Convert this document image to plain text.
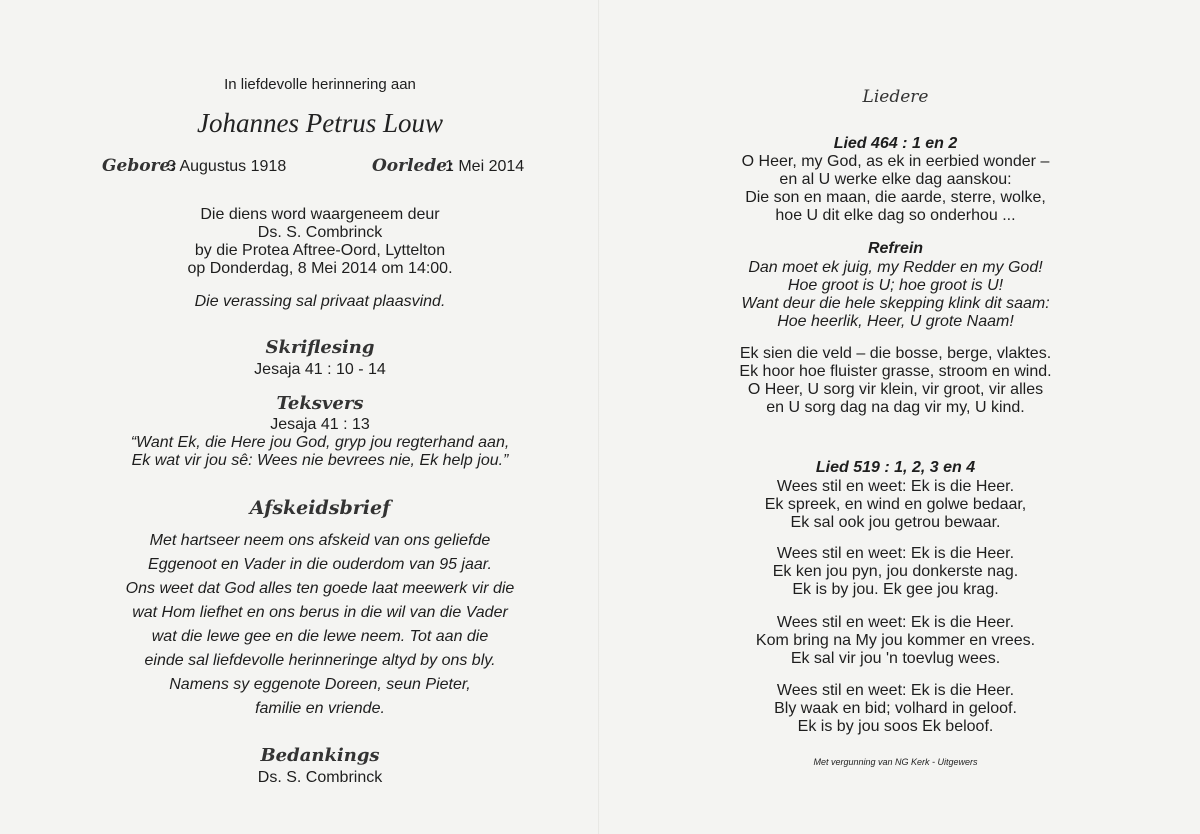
In liefdevolle herinnering aan
Johannes Petrus Louw
Gebore:
3 Augustus 1918	Oorlede:
1 Mei 2014
Die diens word waargeneem deur
Ds. S. Combrinck
by die Protea Aftree-Oord, Lyttelton
op Donderdag, 8 Mei 2014 om 14:00.
Die verassing sal privaat plaasvind.
Skriflesing
Jesaja 41 : 10 - 14
Teksvers
Jesaja 41 : 13
“Want Ek, die Here jou God, gryp jou regterhand aan,
Ek wat vir jou sê: Wees nie bevrees nie, Ek help jou.”
Afskeidsbrief
Met hartseer neem ons afskeid van ons geliefde
Eggenoot en Vader in die ouderdom van 95 jaar.
Ons weet dat God alles ten goede laat meewerk vir die
wat Hom liefhet en ons berus in die wil van die Vader
wat die lewe gee en die lewe neem. Tot aan die
einde sal liefdevolle herinneringe altyd by ons bly.
Namens sy eggenote Doreen, seun Pieter,
familie en vriende.
Bedankings
Ds. S. Combrinck
Liedere
Lied 464 : 1 en 2
O Heer, my God, as ek in eerbied wonder –
en al U werke elke dag aanskou:
Die son en maan, die aarde, sterre, wolke,
hoe U dit elke dag so onderhou ...
Refrein
Dan moet ek juig, my Redder en my God!
Hoe groot is U; hoe groot is U!
Want deur die hele skepping klink dit saam:
Hoe heerlik, Heer, U grote Naam!
Ek sien die veld – die bosse, berge, vlaktes.
Ek hoor hoe fluister grasse, stroom en wind.
O Heer, U sorg vir klein, vir groot, vir alles
en U sorg dag na dag vir my, U kind.
Lied 519 : 1, 2, 3 en 4
Wees stil en weet: Ek is die Heer.
Ek spreek, en wind en golwe bedaar,
Ek sal ook jou getrou bewaar.
Wees stil en weet: Ek is die Heer.
Ek ken jou pyn, jou donkerste nag.
Ek is by jou. Ek gee jou krag.
Wees stil en weet: Ek is die Heer.
Kom bring na My jou kommer en vrees.
Ek sal vir jou 'n toevlug wees.
Wees stil en weet: Ek is die Heer.
Bly waak en bid; volhard in geloof.
Ek is by jou soos Ek beloof.
Met vergunning van NG Kerk - Uitgewers
